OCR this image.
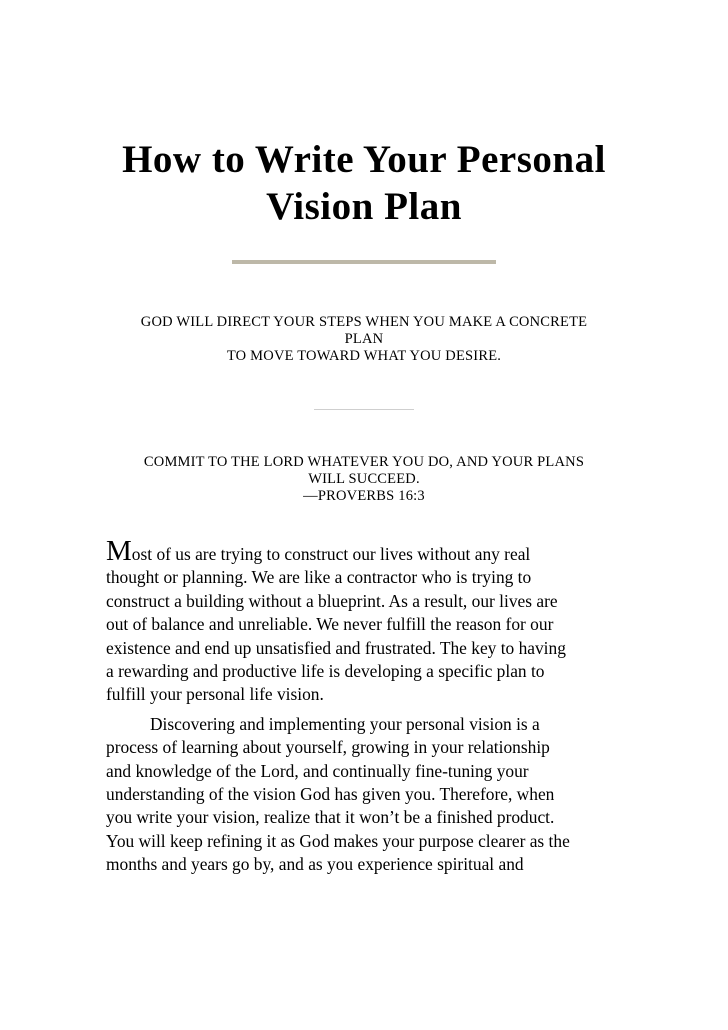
How to Write Your Personal
Vision Plan
GOD WILL DIRECT YOUR STEPS WHEN YOU MAKE A CONCRETE
PLAN
TO MOVE TOWARD WHAT YOU DESIRE.
COMMIT TO THE LORD WHATEVER YOU DO, AND YOUR PLANS
WILL SUCCEED.
—PROVERBS 16:3

Most of us are trying to construct our lives without any real
thought or planning. We are like a contractor who is trying to
construct a building without a blueprint. As a result, our lives are
out of balance and unreliable. We never fulfill the reason for our
existence and end up unsatisfied and frustrated. The key to having
a rewarding and productive life is developing a specific plan to
fulfill your personal life vision.

Discovering and implementing your personal vision is a
process of learning about yourself, growing in your relationship
and knowledge of the Lord, and continually fine-tuning your
understanding of the vision God has given you. Therefore, when
you write your vision, realize that it won’t be a finished product.
You will keep refining it as God makes your purpose clearer as the
months and years go by, and as you experience spiritual and
